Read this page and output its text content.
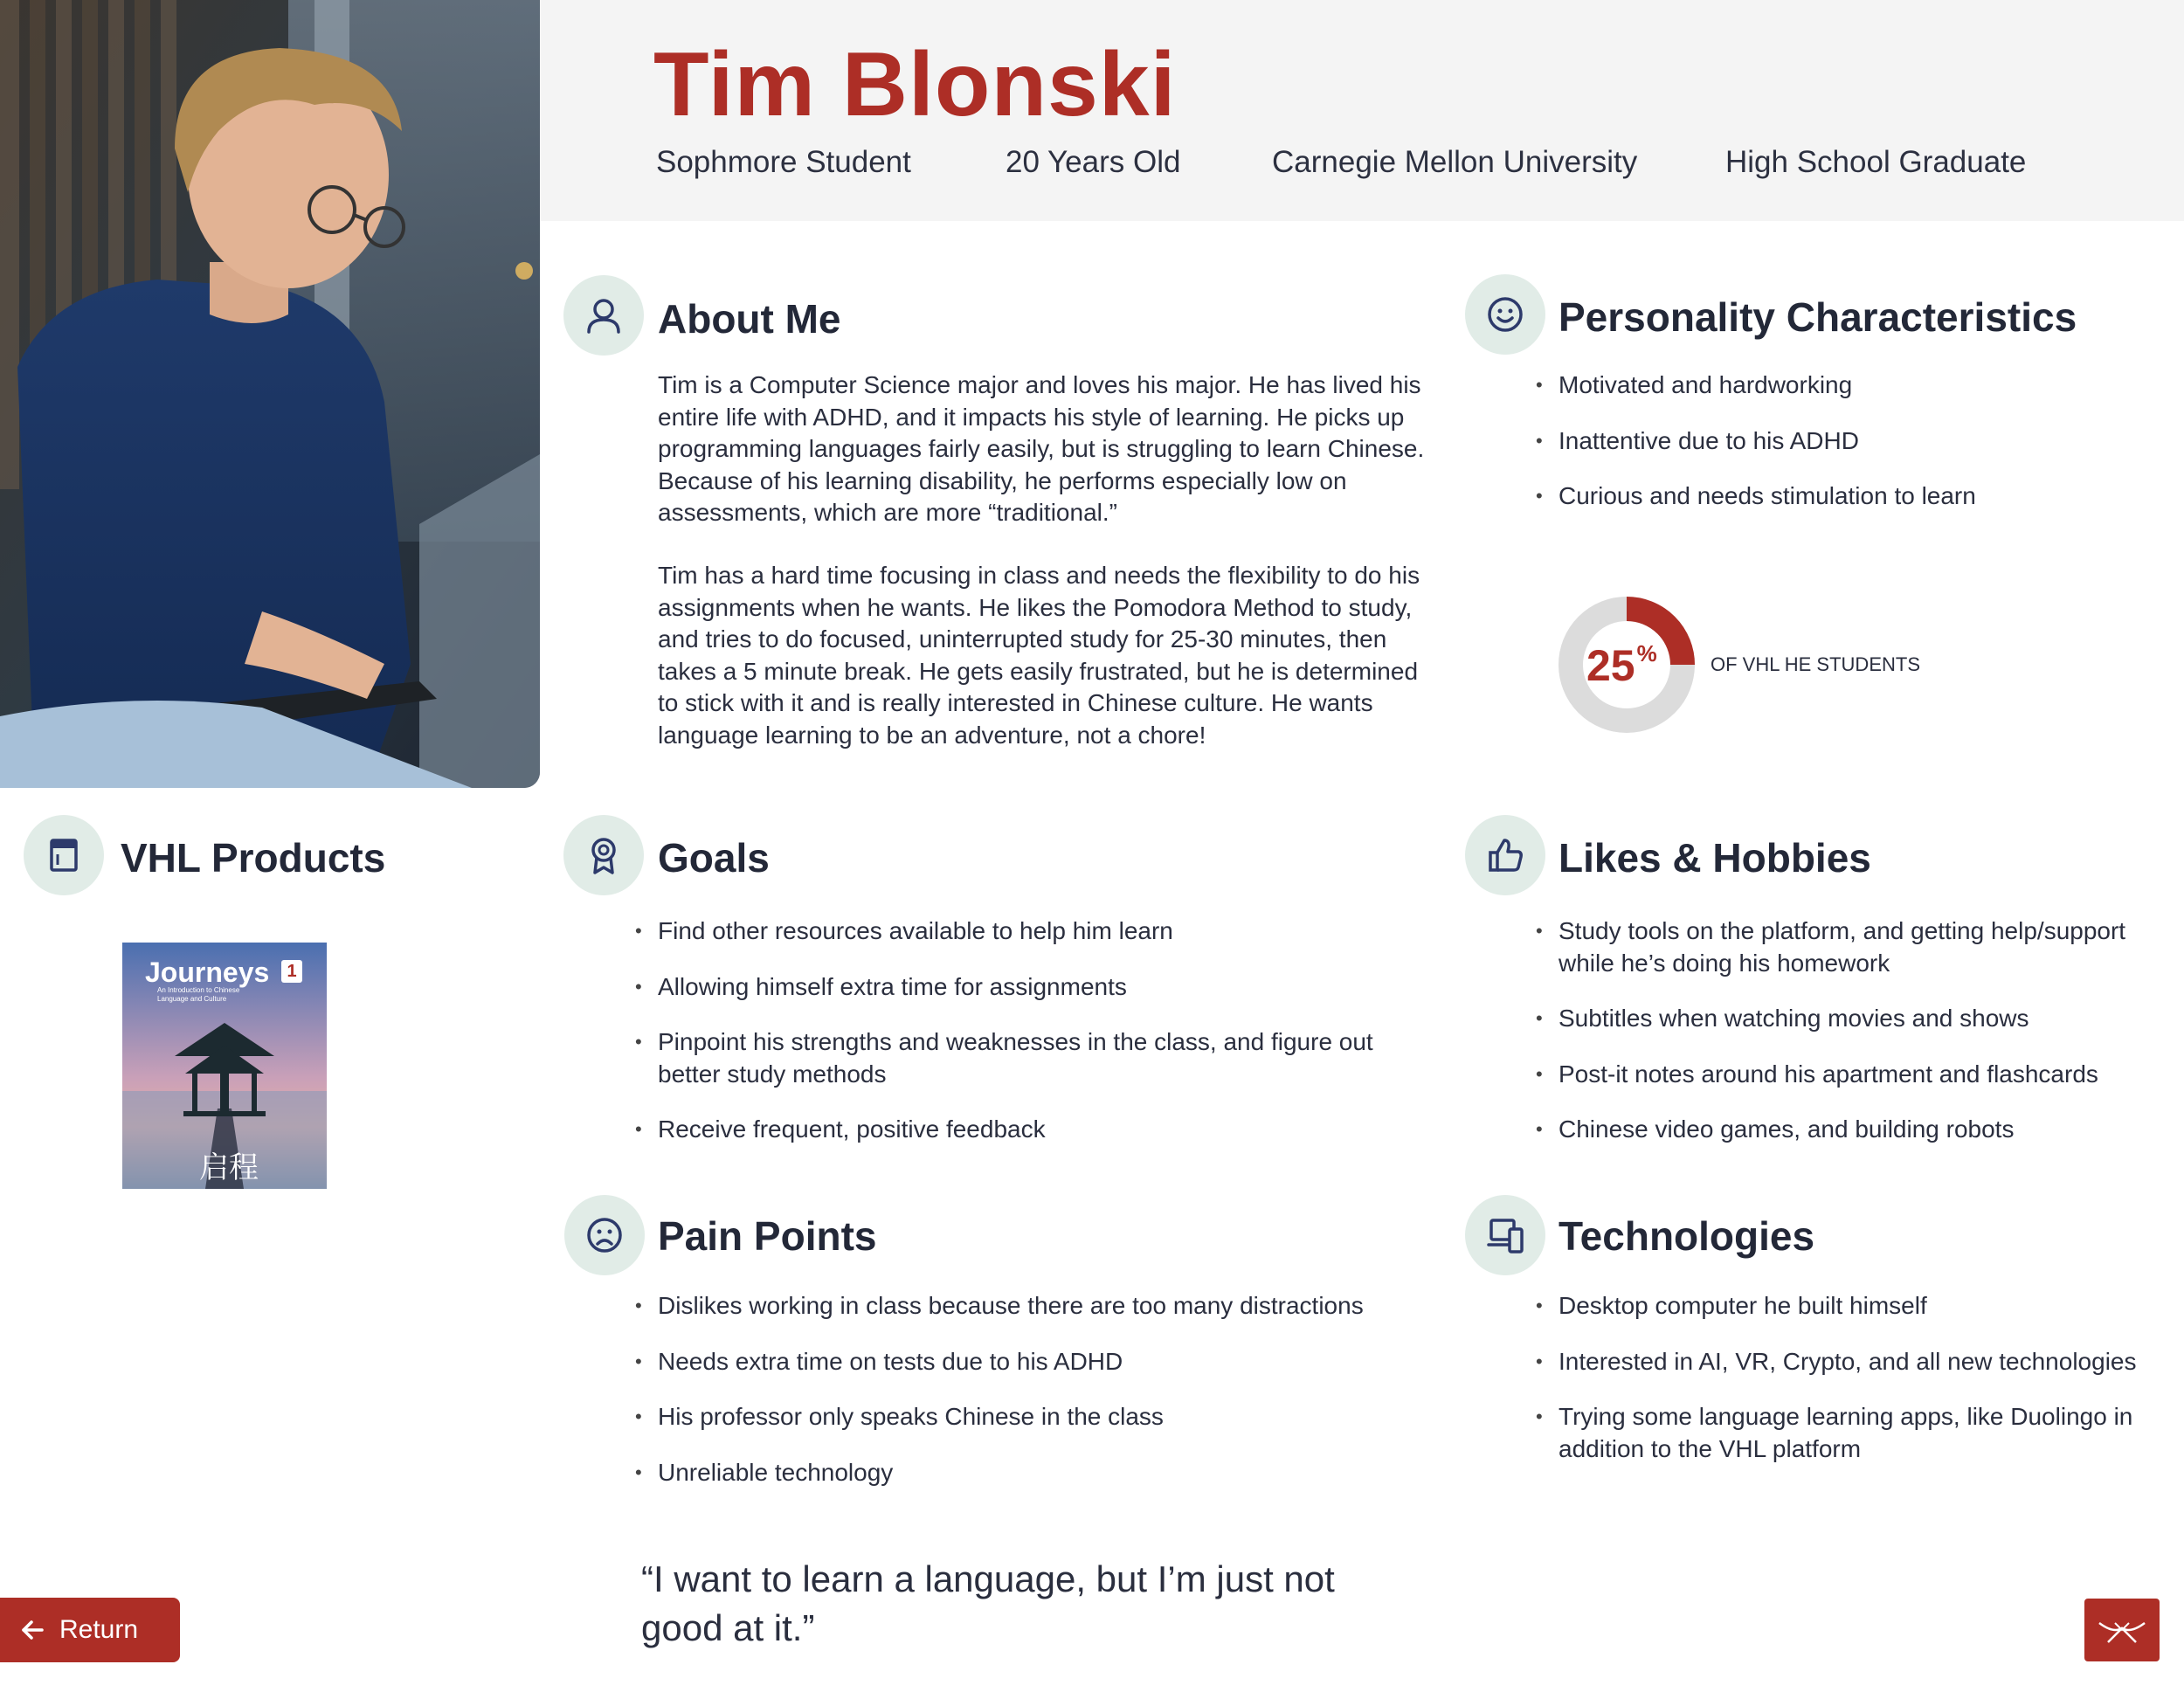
Tim Blonski
Sophmore Student	20 Years Old	Carnegie Mellon University	High School Graduate
About Me
Tim is a Computer Science major and loves his major. He has lived his entire life with ADHD, and it impacts his style of learning. He picks up programming languages fairly easily, but is struggling to learn Chinese. Because of his learning disability, he performs especially low on assessments, which are more “traditional.”
Tim has a hard time focusing in class and needs the flexibility to do his assignments when he wants. He likes the Pomodora Method to study, and tries to do focused, uninterrupted study for 25-30 minutes, then takes a 5 minute break. He gets easily frustrated, but he is determined to stick with it and is really interested in Chinese culture. He wants language learning to be an adventure, not a chore!
Personality Characteristics
• Motivated and hardworking
• Inattentive due to his ADHD
• Curious and needs stimulation to learn
25%	OF VHL HE STUDENTS
VHL Products
Journeys	1
An Introduction to Chinese Language and Culture
启程
Goals
• Find other resources available to help him learn
• Allowing himself extra time for assignments
• Pinpoint his strengths and weaknesses in the class, and figure out better study methods
• Receive frequent, positive feedback
Likes & Hobbies
• Study tools on the platform, and getting help/support while he’s doing his homework
• Subtitles when watching movies and shows
• Post-it notes around his apartment and flashcards
• Chinese video games, and building robots
Pain Points
• Dislikes working in class because there are too many distractions
• Needs extra time on tests due to his ADHD
• His professor only speaks Chinese in the class
• Unreliable technology
Technologies
• Desktop computer he built himself
• Interested in AI, VR, Crypto, and all new technologies
• Trying some language learning apps, like Duolingo in addition to the VHL platform
“I want to learn a language, but I’m just not good at it.”
Return
